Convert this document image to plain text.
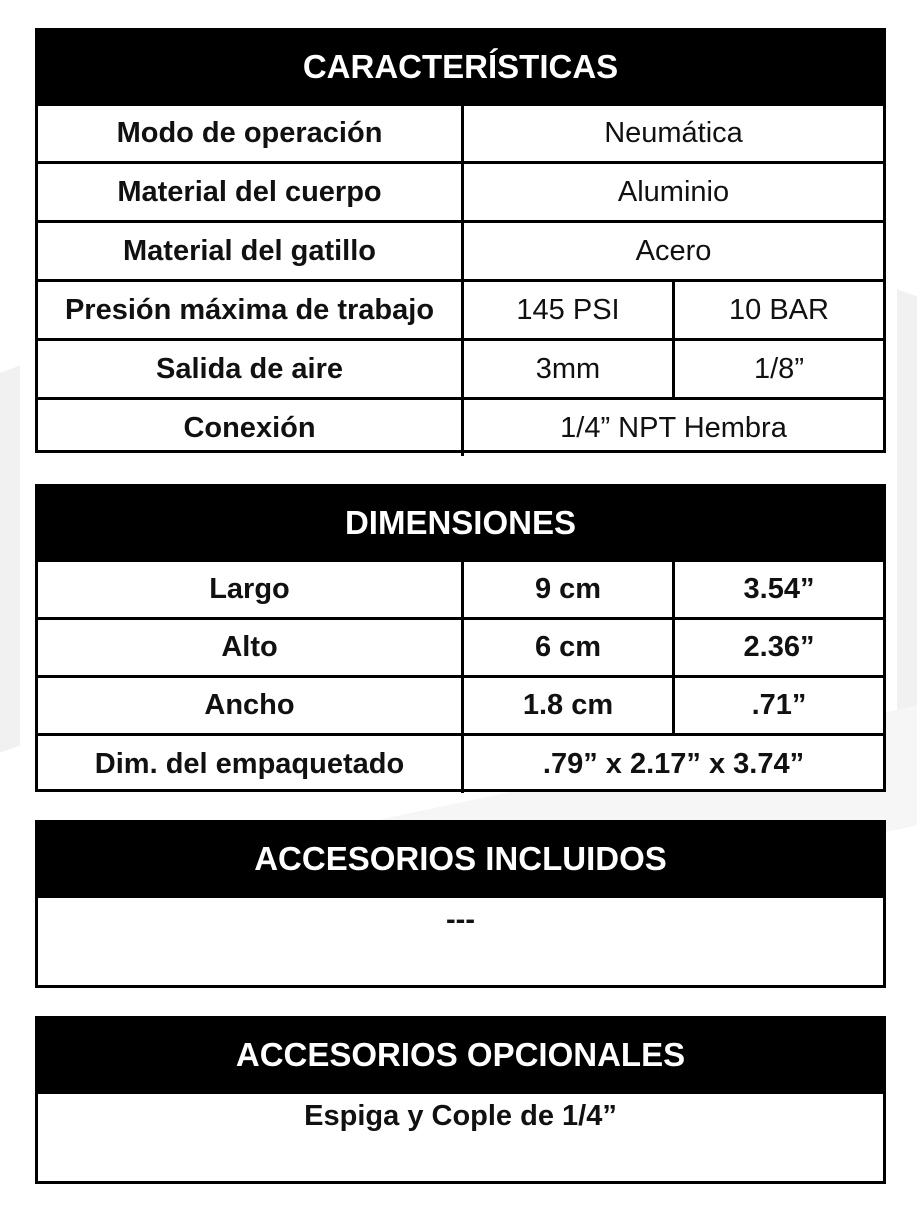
CARACTERÍSTICAS
Modo de operación	Neumática
Material del cuerpo	Aluminio
Material del gatillo	Acero
Presión máxima de trabajo	145 PSI	10 BAR
Salida de aire	3mm	1/8”
Conexión	1/4” NPT Hembra
DIMENSIONES
Largo	9 cm	3.54”
Alto	6 cm	2.36”
Ancho	1.8 cm	.71”
Dim. del empaquetado	.79” x 2.17” x 3.74”
ACCESORIOS INCLUIDOS
---
ACCESORIOS OPCIONALES
Espiga y Cople de 1/4”
